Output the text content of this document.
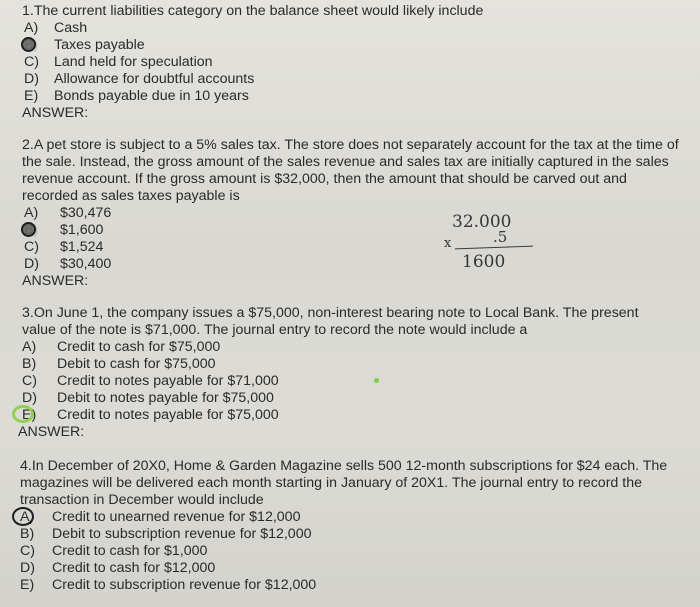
1.The current liabilities category on the balance sheet would likely include

A)	Cash
B)	Taxes payable
C)	Land held for speculation
D)	Allowance for doubtful accounts
E)	Bonds payable due in 10 years
ANSWER:

2.A pet store is subject to a 5% sales tax. The store does not separately account for the tax at the time of the sale. Instead, the gross amount of the sales revenue and sales tax are initially captured in the sales revenue account. If the gross amount is $32,000, then the amount that should be carved out and recorded as sales taxes payable is

A)	$30,476
B)	$1,600
C)	$1,524
D)	$30,400
ANSWER:
32.000
.5
x
1600

3.On June 1, the company issues a $75,000, non-interest bearing note to Local Bank. The present value of the note is $71,000. The journal entry to record the note would include a

A)	Credit to cash for $75,000
B)	Debit to cash for $75,000
C)	Credit to notes payable for $71,000
D)	Debit to notes payable for $75,000
E)	Credit to notes payable for $75,000
ANSWER:

4.In December of 20X0, Home & Garden Magazine sells 500 12-month subscriptions for $24 each. The magazines will be delivered each month starting in January of 20X1. The journal entry to record the transaction in December would include

A)	Credit to unearned revenue for $12,000
B)	Debit to subscription revenue for $12,000
C)	Credit to cash for $1,000
D)	Credit to cash for $12,000
E)	Credit to subscription revenue for $12,000
